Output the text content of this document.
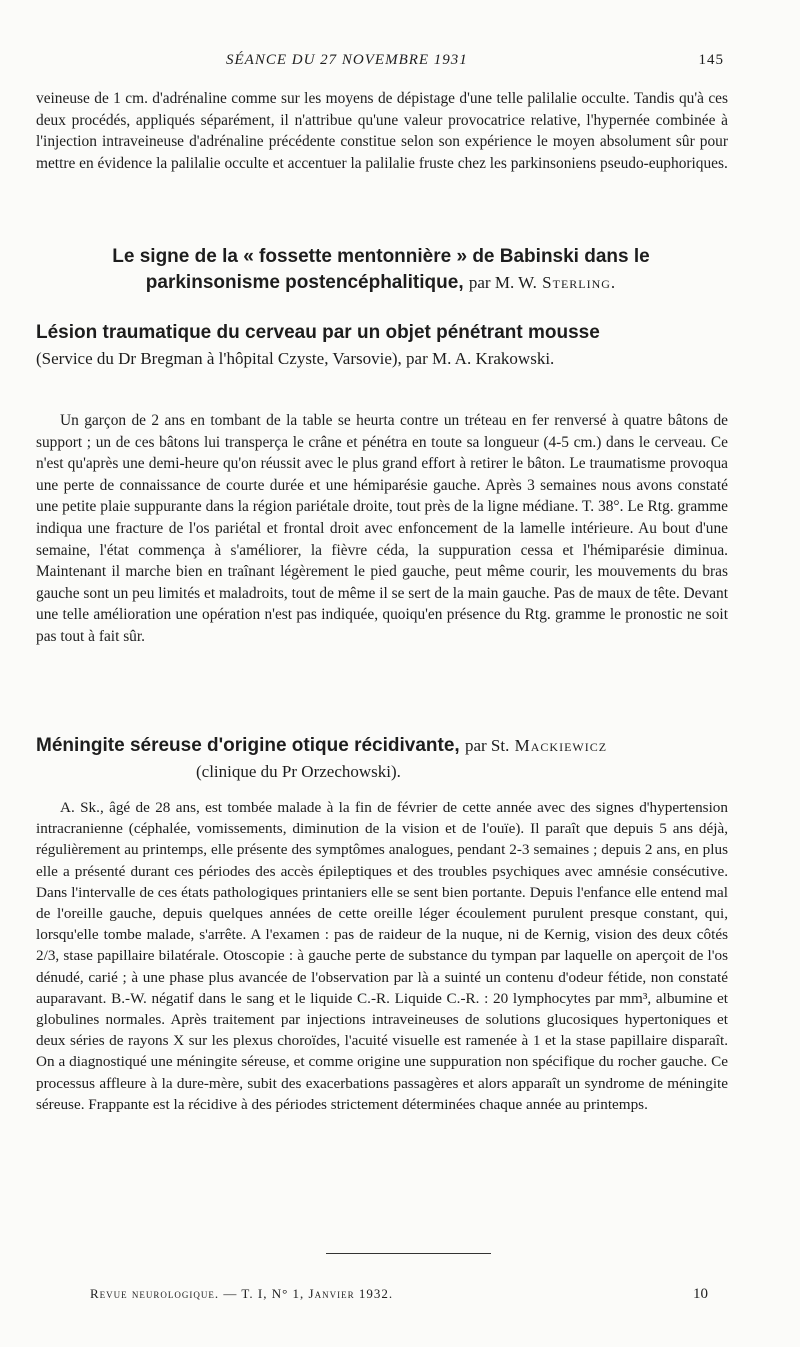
SÉANCE DU 27 NOVEMBRE 1931	145

veineuse de 1 cm. d'adrénaline comme sur les moyens de dépistage d'une telle palilalie occulte. Tandis qu'à ces deux procédés, appliqués séparément, il n'attribue qu'une valeur provocatrice relative, l'hypernée combinée à l'injection intraveineuse d'adrénaline précédente constitue selon son expérience le moyen absolument sûr pour mettre en évidence la palilalie occulte et accentuer la palilalie fruste chez les parkinsoniens pseudo-euphoriques.

Le signe de la « fossette mentonnière » de Babinski dans le parkinsonisme postencéphalitique, par M. W. Sterling.
Lésion traumatique du cerveau par un objet pénétrant mousse
(Service du Dr Bregman à l'hôpital Czyste, Varsovie), par M. A. Krakowski.

Un garçon de 2 ans en tombant de la table se heurta contre un tréteau en fer renversé à quatre bâtons de support ; un de ces bâtons lui transperça le crâne et pénétra en toute sa longueur (4-5 cm.) dans le cerveau. Ce n'est qu'après une demi-heure qu'on réussit avec le plus grand effort à retirer le bâton. Le traumatisme provoqua une perte de connaissance de courte durée et une hémiparésie gauche. Après 3 semaines nous avons constaté une petite plaie suppurante dans la région pariétale droite, tout près de la ligne médiane. T. 38°. Le Rtg. gramme indiqua une fracture de l'os pariétal et frontal droit avec enfoncement de la lamelle intérieure. Au bout d'une semaine, l'état commença à s'améliorer, la fièvre céda, la suppuration cessa et l'hémiparésie diminua. Maintenant il marche bien en traînant légèrement le pied gauche, peut même courir, les mouvements du bras gauche sont un peu limités et maladroits, tout de même il se sert de la main gauche. Pas de maux de tête. Devant une telle amélioration une opération n'est pas indiquée, quoiqu'en présence du Rtg. gramme le pronostic ne soit pas tout à fait sûr.

Méningite séreuse d'origine otique récidivante, par St. Mackiewicz
(clinique du Pr Orzechowski).

A. Sk., âgé de 28 ans, est tombée malade à la fin de février de cette année avec des signes d'hypertension intracranienne (céphalée, vomissements, diminution de la vision et de l'ouïe). Il paraît que depuis 5 ans déjà, régulièrement au printemps, elle présente des symptômes analogues, pendant 2-3 semaines ; depuis 2 ans, en plus elle a présenté durant ces périodes des accès épileptiques et des troubles psychiques avec amnésie consécutive. Dans l'intervalle de ces états pathologiques printaniers elle se sent bien portante. Depuis l'enfance elle entend mal de l'oreille gauche, depuis quelques années de cette oreille léger écoulement purulent presque constant, qui, lorsqu'elle tombe malade, s'arrête. A l'examen : pas de raideur de la nuque, ni de Kernig, vision des deux côtés 2/3, stase papillaire bilatérale. Otoscopie : à gauche perte de substance du tympan par laquelle on aperçoit de l'os dénudé, carié ; à une phase plus avancée de l'observation par là a suinté un contenu d'odeur fétide, non constaté auparavant. B.-W. négatif dans le sang et le liquide C.-R. Liquide C.-R. : 20 lymphocytes par mm³, albumine et globulines normales. Après traitement par injections intraveineuses de solutions glucosiques hypertoniques et deux séries de rayons X sur les plexus choroïdes, l'acuité visuelle est ramenée à 1 et la stase papillaire disparaît. On a diagnostiqué une méningite séreuse, et comme origine une suppuration non spécifique du rocher gauche. Ce processus affleure à la dure-mère, subit des exacerbations passagères et alors apparaît un syndrome de méningite séreuse. Frappante est la récidive à des périodes strictement déterminées chaque année au printemps.

Revue neurologique. — T. I, N° 1, Janvier 1932.	10
